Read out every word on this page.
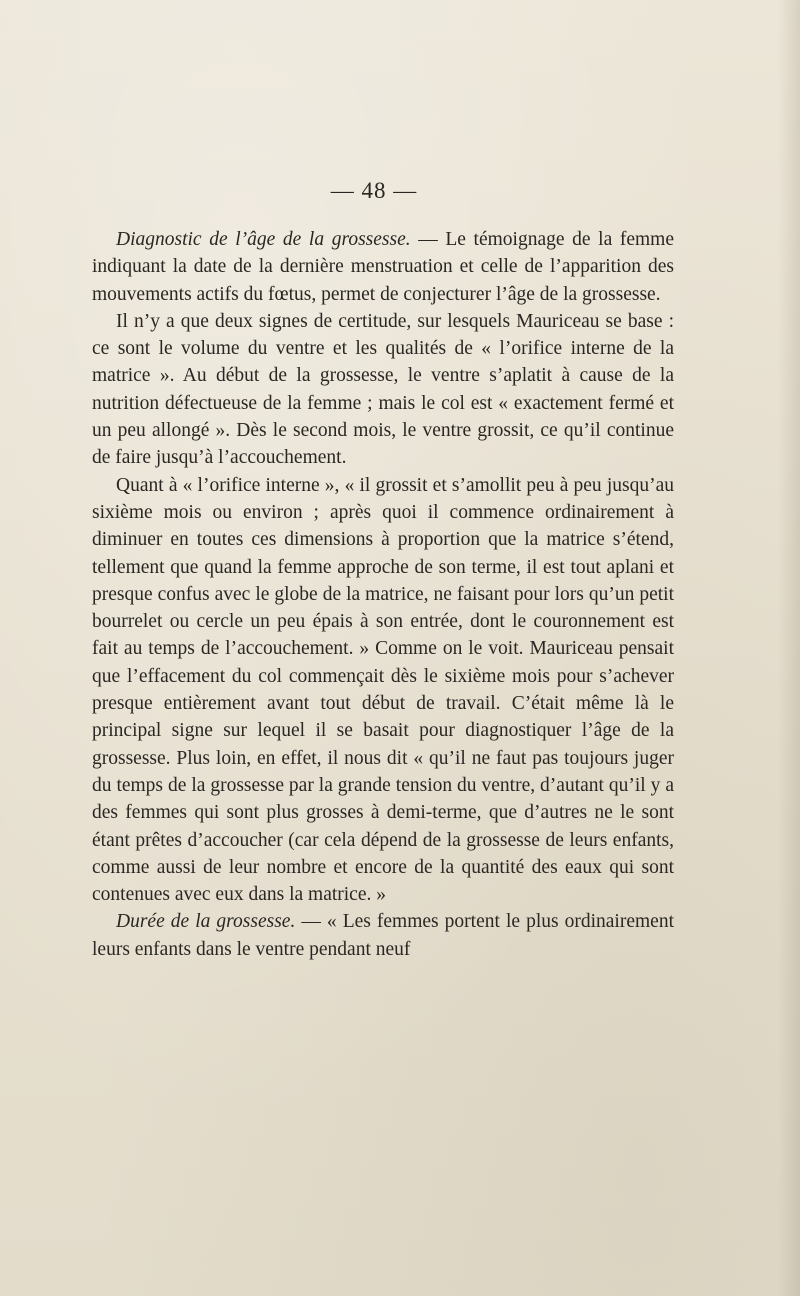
— 48 —

Diagnostic de l’âge de la grossesse. — Le témoignage de la femme indiquant la date de la dernière menstruation et celle de l’apparition des mouvements actifs du fœtus, permet de conjecturer l’âge de la grossesse.

Il n’y a que deux signes de certitude, sur lesquels Mauriceau se base : ce sont le volume du ventre et les qualités de « l’orifice interne de la matrice ». Au début de la grossesse, le ventre s’aplatit à cause de la nutrition défectueuse de la femme ; mais le col est « exactement fermé et un peu allongé ». Dès le second mois, le ventre grossit, ce qu’il continue de faire jusqu’à l’accouchement.

Quant à « l’orifice interne », « il grossit et s’amollit peu à peu jusqu’au sixième mois ou environ ; après quoi il commence ordinairement à diminuer en toutes ces dimensions à proportion que la matrice s’étend, tellement que quand la femme approche de son terme, il est tout aplani et presque confus avec le globe de la matrice, ne faisant pour lors qu’un petit bourrelet ou cercle un peu épais à son entrée, dont le couronnement est fait au temps de l’accouchement. » Comme on le voit. Mauriceau pensait que l’effacement du col commençait dès le sixième mois pour s’achever presque entièrement avant tout début de travail. C’était même là le principal signe sur lequel il se basait pour diagnostiquer l’âge de la grossesse. Plus loin, en effet, il nous dit « qu’il ne faut pas toujours juger du temps de la grossesse par la grande tension du ventre, d’autant qu’il y a des femmes qui sont plus grosses à demi-terme, que d’autres ne le sont étant prêtes d’accoucher (car cela dépend de la grossesse de leurs enfants, comme aussi de leur nombre et encore de la quantité des eaux qui sont contenues avec eux dans la matrice. »

Durée de la grossesse. — « Les femmes portent le plus ordinairement leurs enfants dans le ventre pendant neuf
